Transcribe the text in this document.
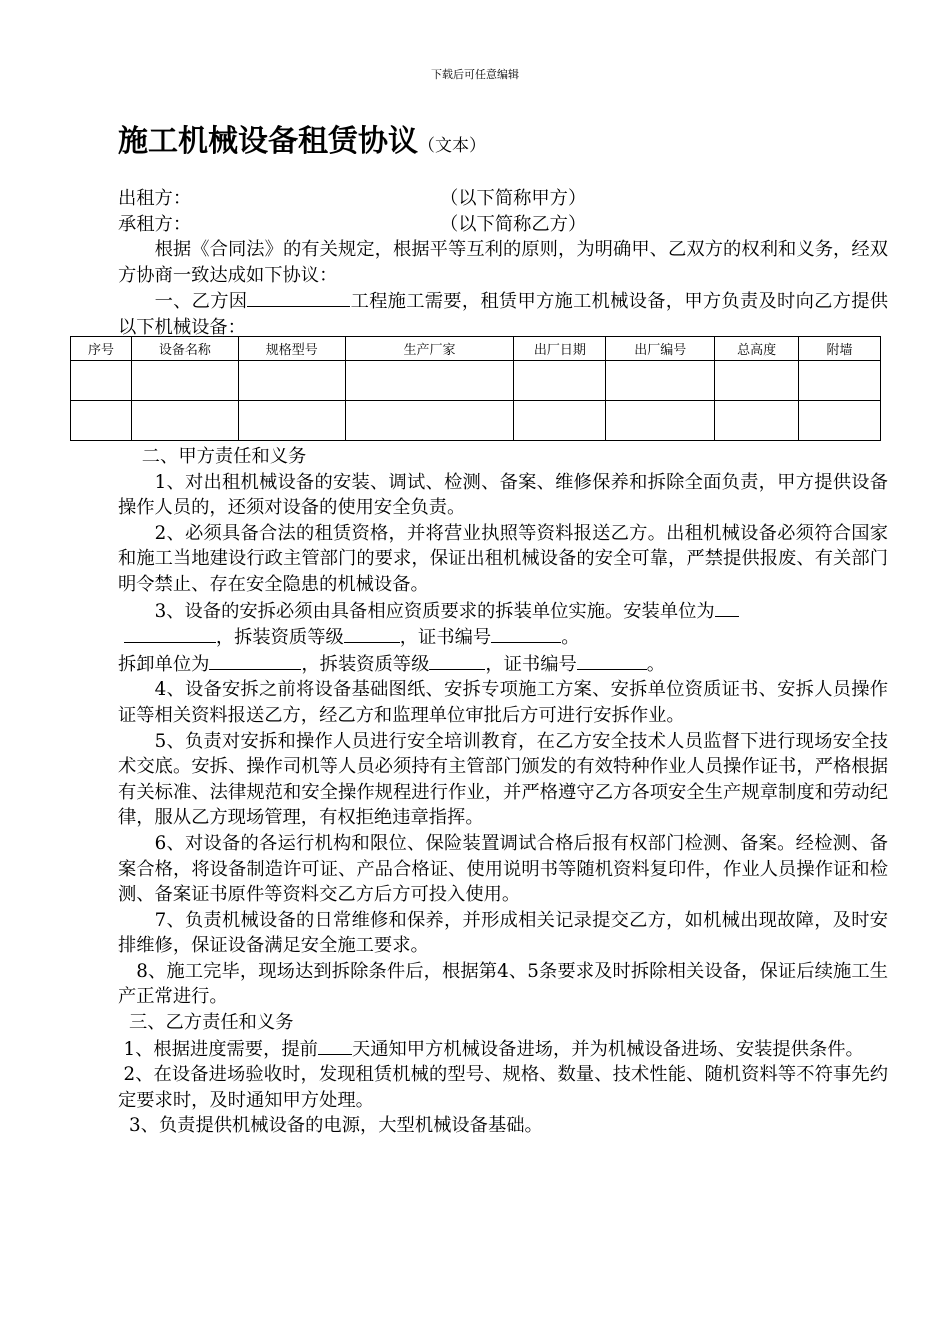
下载后可任意编辑
施工机械设备租赁协议（文本）
出租方：	（以下简称甲方）
承租方：	（以下简称乙方）

根据《合同法》的有关规定，根据平等互利的原则，为明确甲、乙双方的权利和义务，经双方协商一致达成如下协议：

一、乙方因	工程施工需要，租赁甲方施工机械设备，甲方负责及时向乙方提供以下机械设备：

序号	设备名称	规格型号	生产厂家	出厂日期	出厂编号	总高度	附墙

二、甲方责任和义务

1、对出租机械设备的安装、调试、检测、备案、维修保养和拆除全面负责，甲方提供设备操作人员的，还须对设备的使用安全负责。

2、必须具备合法的租赁资格，并将营业执照等资料报送乙方。出租机械设备必须符合国家和施工当地建设行政主管部门的要求，保证出租机械设备的安全可靠，严禁提供报废、有关部门明令禁止、存在安全隐患的机械设备。

3、设备的安拆必须由具备相应资质要求的拆装单位实施。安装单位为
，拆装资质等级	，证书编号	。

拆卸单位为	，拆装资质等级	，证书编号	。

4、设备安拆之前将设备基础图纸、安拆专项施工方案、安拆单位资质证书、安拆人员操作证等相关资料报送乙方，经乙方和监理单位审批后方可进行安拆作业。

5、负责对安拆和操作人员进行安全培训教育，在乙方安全技术人员监督下进行现场安全技术交底。安拆、操作司机等人员必须持有主管部门颁发的有效特种作业人员操作证书，严格根据有关标准、法律规范和安全操作规程进行作业，并严格遵守乙方各项安全生产规章制度和劳动纪律，服从乙方现场管理，有权拒绝违章指挥。

6、对设备的各运行机构和限位、保险装置调试合格后报有权部门检测、备案。经检测、备案合格，将设备制造许可证、产品合格证、使用说明书等随机资料复印件，作业人员操作证和检测、备案证书原件等资料交乙方后方可投入使用。

7、负责机械设备的日常维修和保养，并形成相关记录提交乙方，如机械出现故障，及时安排维修，保证设备满足安全施工要求。

8、施工完毕，现场达到拆除条件后，根据第4、5条要求及时拆除相关设备，保证后续施工生产正常进行。

三、乙方责任和义务

1、根据进度需要，提前 天通知甲方机械设备进场，并为机械设备进场、安装提供条件。

2、在设备进场验收时，发现租赁机械的型号、规格、数量、技术性能、随机资料等不符事先约定要求时，及时通知甲方处理。

3、负责提供机械设备的电源，大型机械设备基础。
